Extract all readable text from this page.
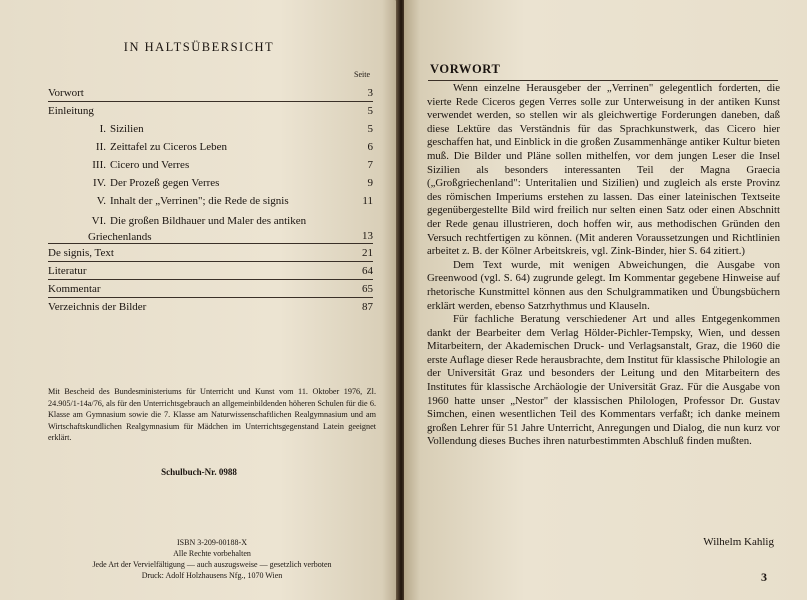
IN HALTSÜBERSICHT
Seite
Vorwort	3
Einleitung	5
I. Sizilien	5
II. Zeittafel zu Ciceros Leben	6
III. Cicero und Verres	7
IV. Der Prozeß gegen Verres	9
V. Inhalt der „Verrinen"; die Rede de signis	11
VI. Die großen Bildhauer und Maler des antiken Griechenlands	13
De signis, Text	21
Literatur	64
Kommentar	65
Verzeichnis der Bilder	87
Mit Bescheid des Bundesministeriums für Unterricht und Kunst vom 11. Oktober 1976, Zl. 24.905/1-14a/76, als für den Unterrichtsgebrauch an allgemeinbildenden höheren Schulen für die 6. Klasse am Gymnasium sowie die 7. Klasse am Naturwissenschaftlichen Realgymnasium und am Wirtschaftskundlichen Realgymnasium für Mädchen im Unterrichtsgegenstand Latein geeignet erklärt.
Schulbuch-Nr. 0988
ISBN 3-209-00188-X
Alle Rechte vorbehalten
Jede Art der Vervielfältigung — auch auszugsweise — gesetzlich verboten
Druck: Adolf Holzhausens Nfg., 1070 Wien
VORWORT

Wenn einzelne Herausgeber der „Verrinen" gelegentlich forderten, die vierte Rede Ciceros gegen Verres solle zur Unterweisung in der antiken Kunst verwendet werden, so stellen wir als gleichwertige Forderungen daneben, daß diese Lektüre das Verständnis für das Sprachkunstwerk, das Cicero hier geschaffen hat, und Einblick in die großen Zusammenhänge antiker Kultur bieten muß. Die Bilder und Pläne sollen mithelfen, vor dem jungen Leser die Insel Sizilien als besonders interessanten Teil der Magna Graecia („Großgriechenland": Unteritalien und Sizilien) und zugleich als erste Provinz des römischen Imperiums erstehen zu lassen. Das einer lateinischen Textseite gegenübergestellte Bild wird freilich nur selten einen Satz oder einen Abschnitt der Rede genau illustrieren, doch hoffen wir, aus methodischen Gründen den Versuch rechtfertigen zu können. (Mit anderen Voraussetzungen und Richtlinien arbeitet z. B. der Kölner Arbeitskreis, vgl. Zink-Binder, hier S. 64 zitiert.)

Dem Text wurde, mit wenigen Abweichungen, die Ausgabe von Greenwood (vgl. S. 64) zugrunde gelegt. Im Kommentar gegebene Hinweise auf rhetorische Kunstmittel können aus den Schulgrammatiken und Übungsbüchern erklärt werden, ebenso Satzrhythmus und Klauseln.

Für fachliche Beratung verschiedener Art und alles Entgegenkommen dankt der Bearbeiter dem Verlag Hölder-Pichler-Tempsky, Wien, und dessen Mitarbeitern, der Akademischen Druck- und Verlagsanstalt, Graz, die 1960 die erste Auflage dieser Rede herausbrachte, dem Institut für klassische Philologie an der Universität Graz und besonders der Leitung und den Mitarbeitern des Institutes für klassische Archäologie der Universität Graz. Für die Ausgabe von 1960 hatte unser „Nestor" der klassischen Philologen, Professor Dr. Gustav Simchen, einen wesentlichen Teil des Kommentars verfaßt; ich danke meinem großen Lehrer für 51 Jahre Unterricht, Anregungen und Dialog, die nun kurz vor Vollendung dieses Buches ihren naturbestimmten Abschluß finden mußten.

Wilhelm Kahlig
3
